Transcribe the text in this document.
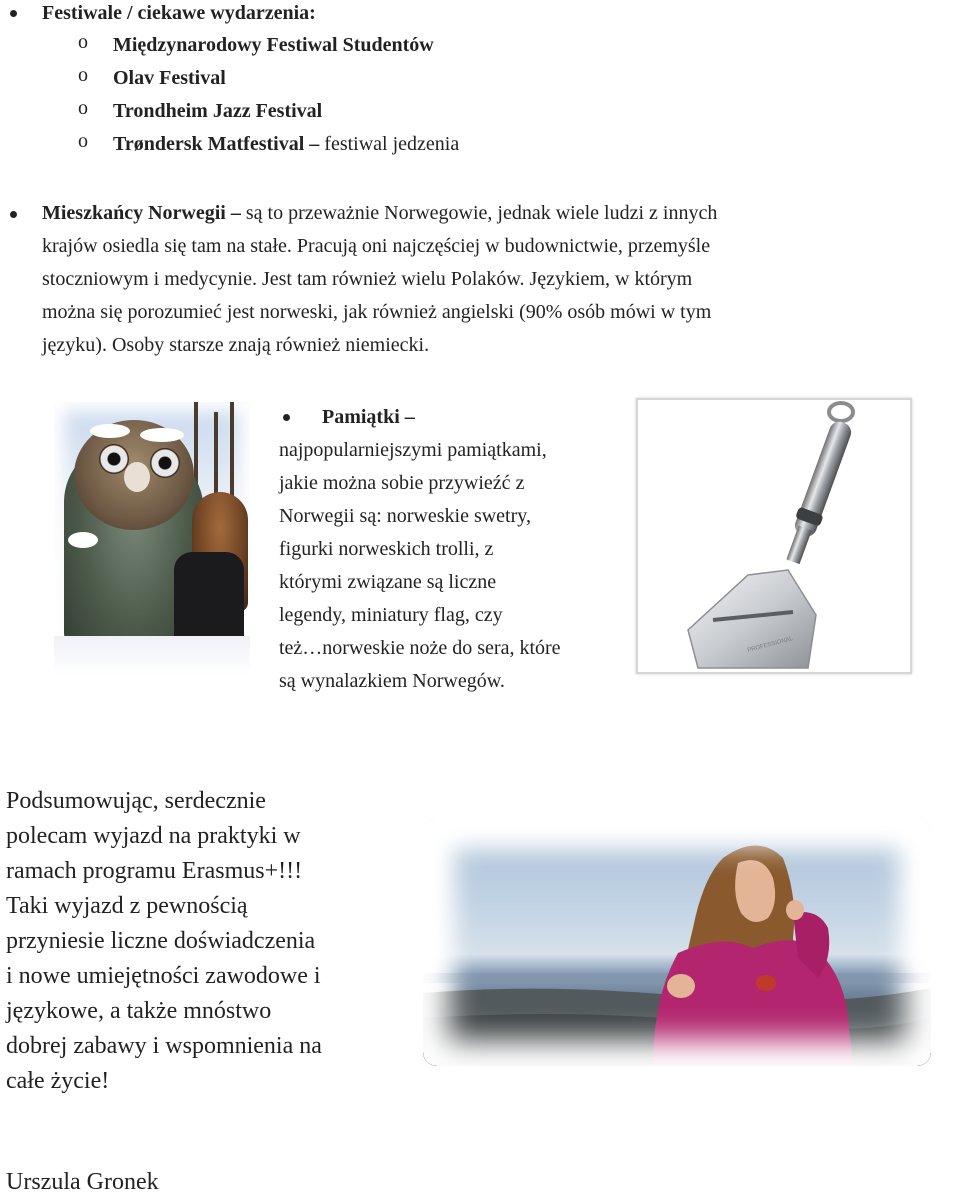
Festiwale / ciekawe wydarzenia:
o Międzynarodowy Festiwal Studentów
o Olav Festival
o Trondheim Jazz Festival
o Trøndersk Matfestival – festiwal jedzenia
Mieszkańcy Norwegii – są to przeważnie Norwegowie, jednak wiele ludzi z innych
krajów osiedla się tam na stałe. Pracują oni najczęściej w budownictwie, przemyśle
stoczniowym i medycynie. Jest tam również wielu Polaków. Językiem, w którym
można się porozumieć jest norweski, jak również angielski (90% osób mówi w tym
języku). Osoby starsze znają również niemiecki.
Pamiątki –
najpopularniejszymi pamiątkami,
jakie można sobie przywieźć z
Norwegii są: norweskie swetry,
figurki norweskich trolli, z
którymi związane są liczne
legendy, miniatury flag, czy
też…norweskie noże do sera, które
są wynalazkiem Norwegów.
PROFESSIONAL
Podsumowując, serdecznie
polecam wyjazd na praktyki w
ramach programu Erasmus+!!!
Taki wyjazd z pewnością
przyniesie liczne doświadczenia
i nowe umiejętności zawodowe i
językowe, a także mnóstwo
dobrej zabawy i wspomnienia na
całe życie!
Urszula Gronek
